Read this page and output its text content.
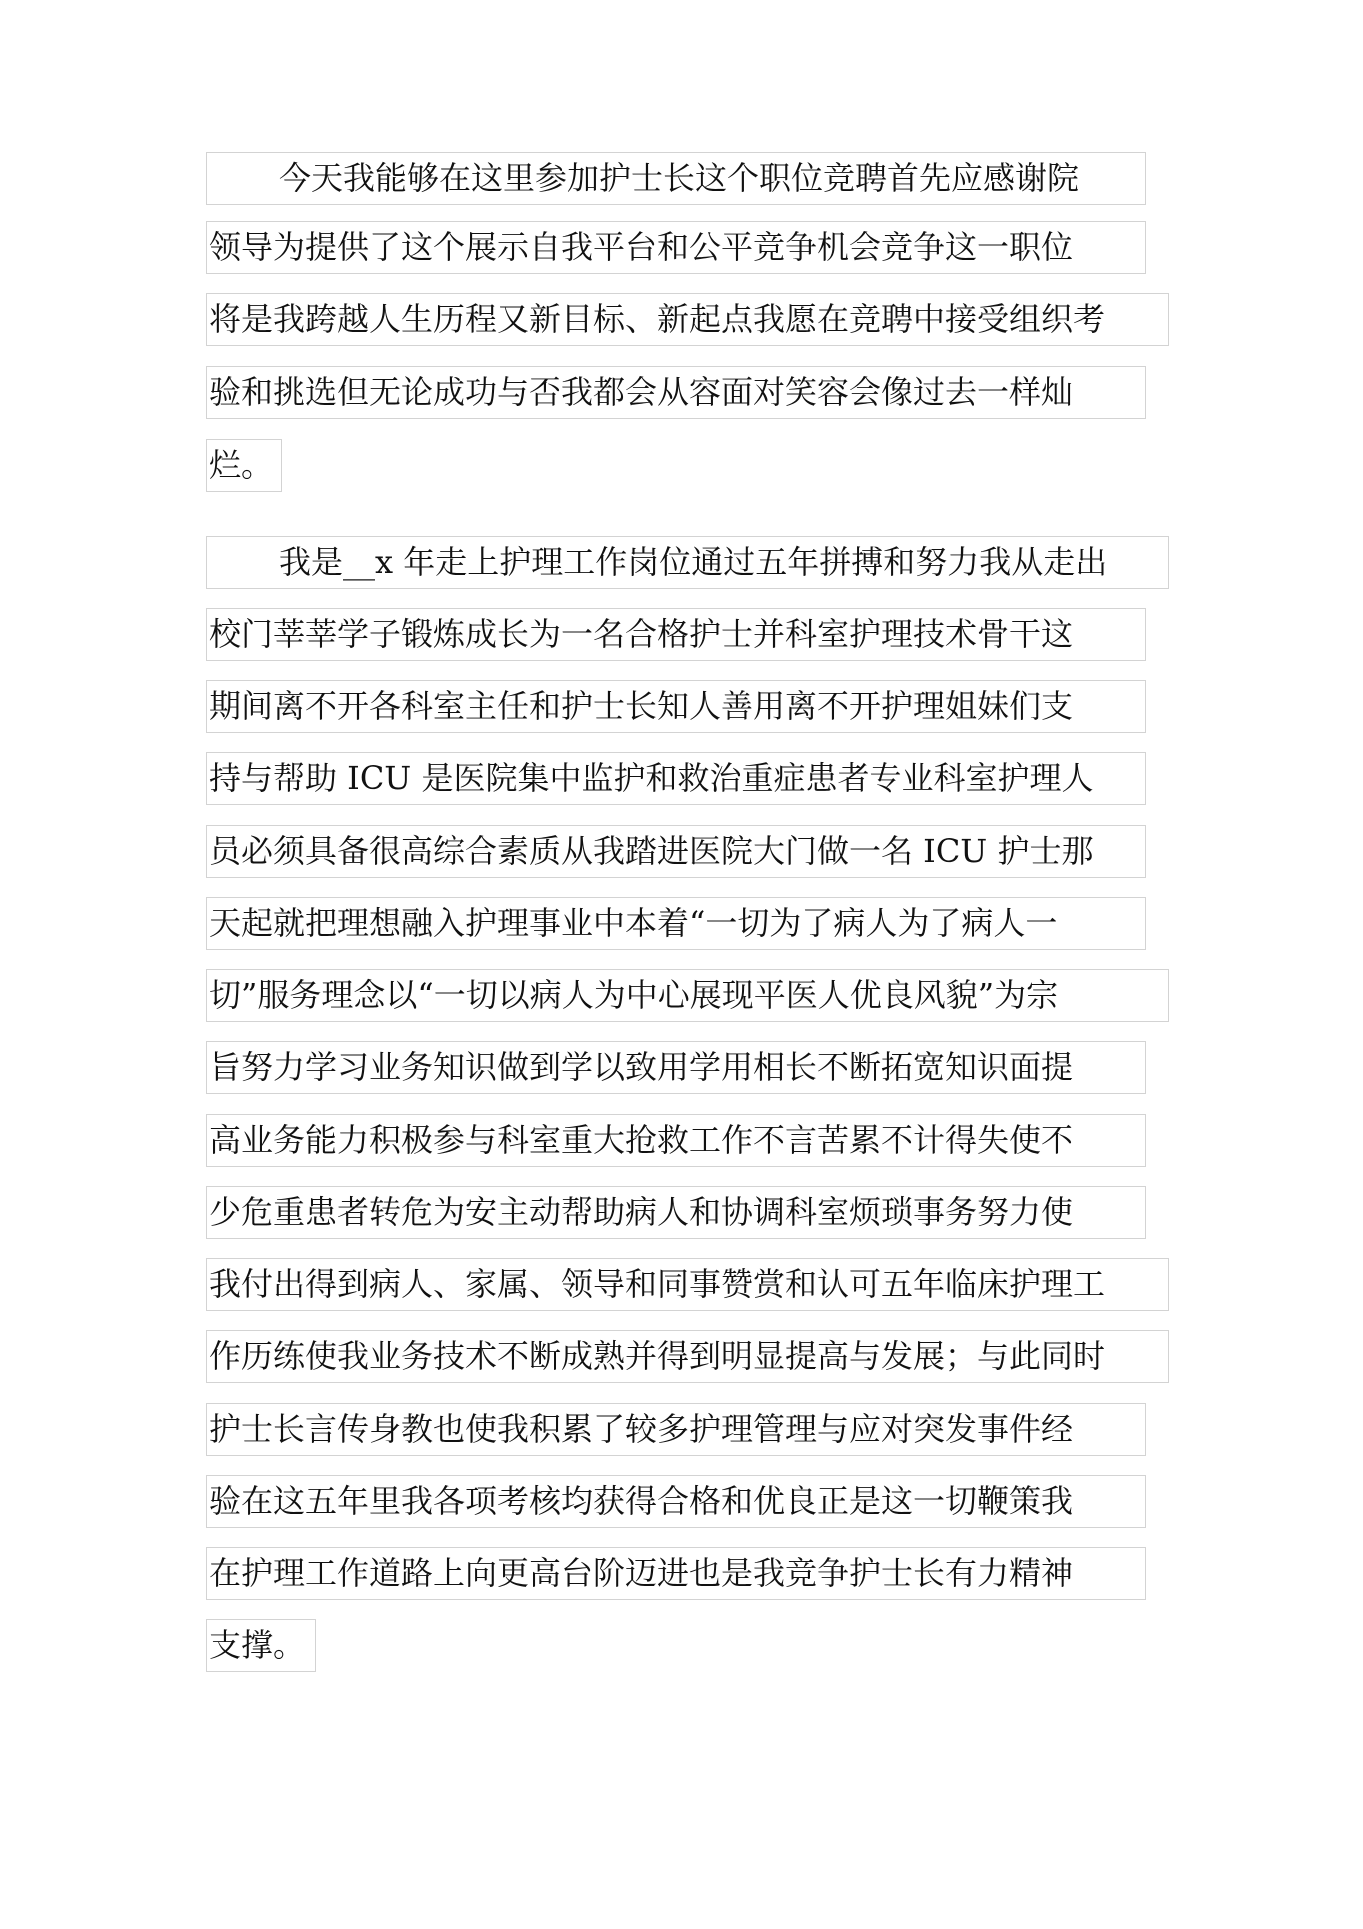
今天我能够在这里参加护士长这个职位竞聘首先应感谢院
领导为提供了这个展示自我平台和公平竞争机会竞争这一职位
将是我跨越人生历程又新目标、新起点我愿在竞聘中接受组织考
验和挑选但无论成功与否我都会从容面对笑容会像过去一样灿
烂。
我是__x 年走上护理工作岗位通过五年拼搏和努力我从走出
校门莘莘学子锻炼成长为一名合格护士并科室护理技术骨干这
期间离不开各科室主任和护士长知人善用离不开护理姐妹们支
持与帮助 ICU 是医院集中监护和救治重症患者专业科室护理人
员必须具备很高综合素质从我踏进医院大门做一名 ICU 护士那
天起就把理想融入护理事业中本着“一切为了病人为了病人一
切”服务理念以“一切以病人为中心展现平医人优良风貌”为宗
旨努力学习业务知识做到学以致用学用相长不断拓宽知识面提
高业务能力积极参与科室重大抢救工作不言苦累不计得失使不
少危重患者转危为安主动帮助病人和协调科室烦琐事务努力使
我付出得到病人、家属、领导和同事赞赏和认可五年临床护理工
作历练使我业务技术不断成熟并得到明显提高与发展；与此同时
护士长言传身教也使我积累了较多护理管理与应对突发事件经
验在这五年里我各项考核均获得合格和优良正是这一切鞭策我
在护理工作道路上向更高台阶迈进也是我竞争护士长有力精神
支撑。
